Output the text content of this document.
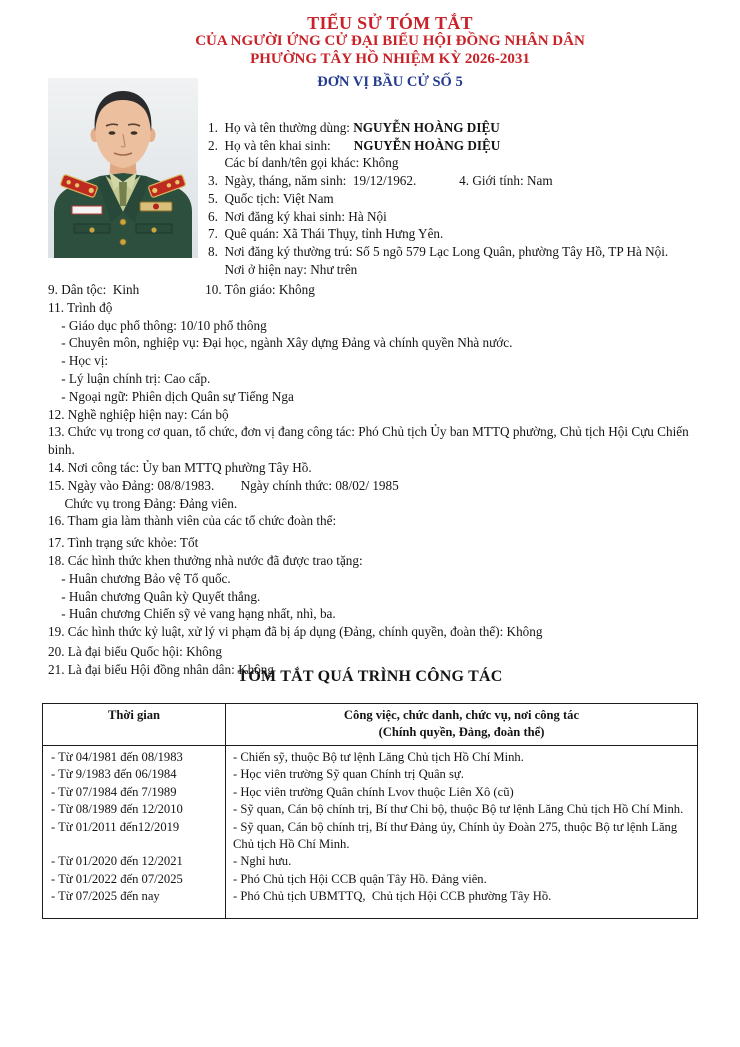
TIỂU SỬ TÓM TẮT
CỦA NGƯỜI ỨNG CỬ ĐẠI BIỂU HỘI ĐỒNG NHÂN DÂN
PHƯỜNG TÂY HỒ NHIỆM KỲ 2026-2031
ĐƠN VỊ BẦU CỬ SỐ 5
1.  Họ và tên thường dùng: NGUYỄN HOÀNG DIỆU
2.  Họ và tên khai sinh:       NGUYỄN HOÀNG DIỆU
Các bí danh/tên gọi khác: Không
3.  Ngày, tháng, năm sinh:  19/12/1962.             4. Giới tính: Nam
5.  Quốc tịch: Việt Nam
6.  Nơi đăng ký khai sinh: Hà Nội
7.  Quê quán: Xã Thái Thụy, tỉnh Hưng Yên.
8.  Nơi đăng ký thường trú: Số 5 ngõ 579 Lạc Long Quân, phường Tây Hồ, TP Hà Nội.
Nơi ở hiện nay: Như trên
9. Dân tộc:  Kinh                    10. Tôn giáo: Không
11. Trình độ
- Giáo dục phổ thông: 10/10 phổ thông
- Chuyên môn, nghiệp vụ: Đại học, ngành Xây dựng Đảng và chính quyền Nhà nước.
- Học vị:
- Lý luận chính trị: Cao cấp.
- Ngoại ngữ: Phiên dịch Quân sự Tiếng Nga
12. Nghề nghiệp hiện nay: Cán bộ
13. Chức vụ trong cơ quan, tổ chức, đơn vị đang công tác: Phó Chủ tịch Ủy ban MTTQ phường, Chủ tịch Hội Cựu Chiến binh.
14. Nơi công tác: Ủy ban MTTQ phường Tây Hồ.
15. Ngày vào Đảng: 08/8/1983.        Ngày chính thức: 08/02/ 1985
Chức vụ trong Đảng: Đảng viên.
16. Tham gia làm thành viên của các tổ chức đoàn thể:
17. Tình trạng sức khỏe: Tốt
18. Các hình thức khen thưởng nhà nước đã được trao tặng:
- Huân chương Bảo vệ Tổ quốc.
- Huân chương Quân kỳ Quyết thắng.
- Huân chương Chiến sỹ vẻ vang hạng nhất, nhì, ba.
19. Các hình thức kỷ luật, xử lý vi phạm đã bị áp dụng (Đảng, chính quyền, đoàn thể): Không
20. Là đại biểu Quốc hội: Không
21. Là đại biểu Hội đồng nhân dân: Không
TÓM TẮT QUÁ TRÌNH CÔNG TÁC
Thời gian	Công việc, chức danh, chức vụ, nơi công tác
(Chính quyền, Đảng, đoàn thể)
- Từ 04/1981 đến 08/1983	- Chiến sỹ, thuộc Bộ tư lệnh Lăng Chủ tịch Hồ Chí Minh.
- Từ 9/1983 đến 06/1984	- Học viên trường Sỹ quan Chính trị Quân sự.
- Từ 07/1984 đến 7/1989	- Học viên trường Quân chính Lvov thuộc Liên Xô (cũ)
- Từ 08/1989 đến 12/2010	- Sỹ quan, Cán bộ chính trị, Bí thư Chi bộ, thuộc Bộ tư lệnh Lăng Chủ tịch Hồ Chí Minh.
- Từ 01/2011 đến12/2019	- Sỹ quan, Cán bộ chính trị, Bí thư Đảng ủy, Chính ủy Đoàn 275, thuộc Bộ tư lệnh Lăng Chủ tịch Hồ Chí Minh.
- Từ 01/2020 đến 12/2021	- Nghỉ hưu.
- Từ 01/2022 đến 07/2025	- Phó Chủ tịch Hội CCB quận Tây Hồ. Đảng viên.
- Từ 07/2025 đến nay	- Phó Chủ tịch UBMTTQ,  Chủ tịch Hội CCB phường Tây Hồ.
